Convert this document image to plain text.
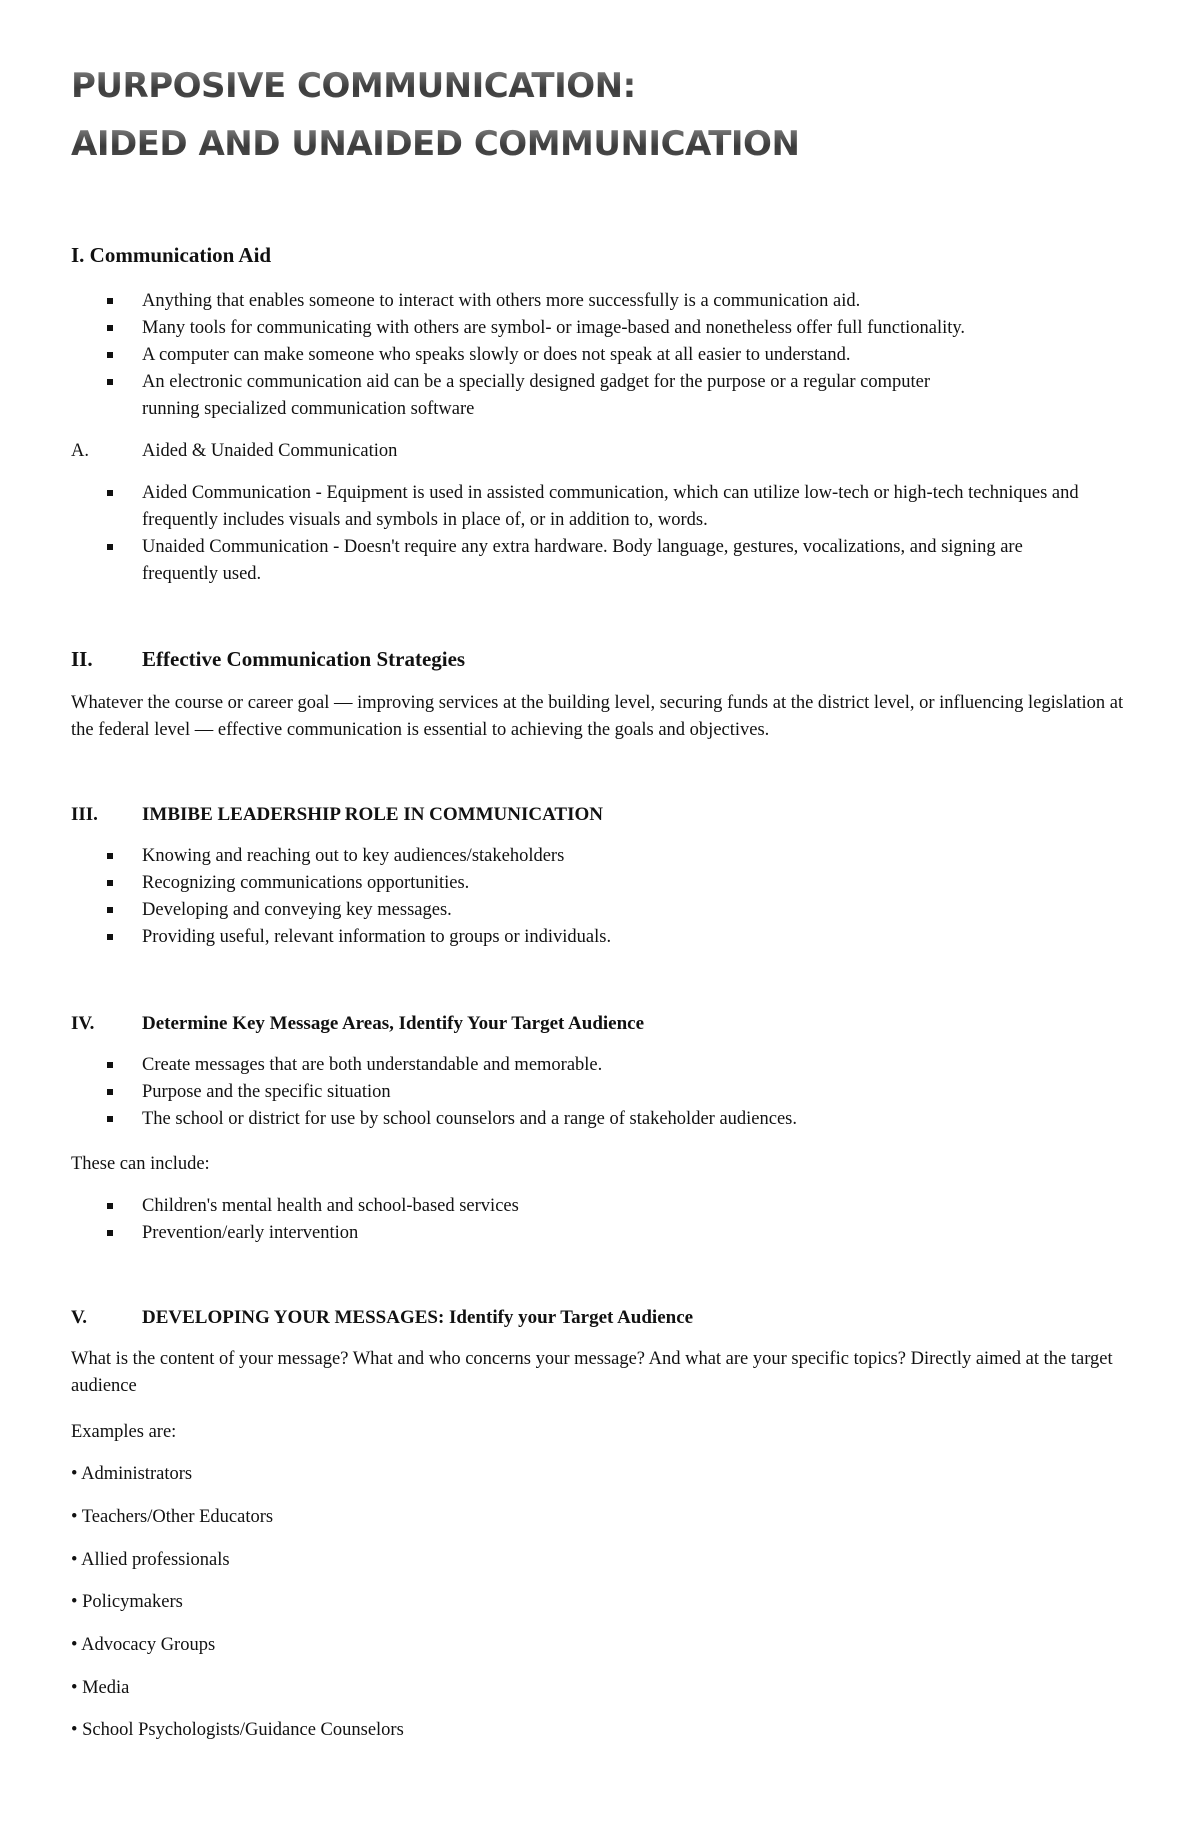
PURPOSIVE COMMUNICATION:
AIDED AND UNAIDED COMMUNICATION
I. Communication Aid
Anything that enables someone to interact with others more successfully is a communication aid.
Many tools for communicating with others are symbol- or image-based and nonetheless offer full functionality.
A computer can make someone who speaks slowly or does not speak at all easier to understand.
An electronic communication aid can be a specially designed gadget for the purpose or a regular computer running specialized communication software

A.	Aided & Unaided Communication

Aided Communication - Equipment is used in assisted communication, which can utilize low-tech or high-tech techniques and frequently includes visuals and symbols in place of, or in addition to, words.
Unaided Communication - Doesn't require any extra hardware. Body language, gestures, vocalizations, and signing are frequently used.
II. Effective Communication Strategies

Whatever the course or career goal — improving services at the building level, securing funds at the district level, or influencing legislation at the federal level — effective communication is essential to achieving the goals and objectives.

III. IMBIBE LEADERSHIP ROLE IN COMMUNICATION
Knowing and reaching out to key audiences/stakeholders
Recognizing communications opportunities.
Developing and conveying key messages.
Providing useful, relevant information to groups or individuals.
IV.	Determine Key Message Areas, Identify Your Target Audience
Create messages that are both understandable and memorable.
Purpose and the specific situation
The school or district for use by school counselors and a range of stakeholder audiences.

These can include:

Children's mental health and school-based services
Prevention/early intervention
V.	DEVELOPING YOUR MESSAGES: Identify your Target Audience

What is the content of your message? What and who concerns your message? And what are your specific topics? Directly aimed at the target audience

Examples are:

• Administrators

• Teachers/Other Educators

• Allied professionals

• Policymakers

• Advocacy Groups

• Media

• School Psychologists/Guidance Counselors
